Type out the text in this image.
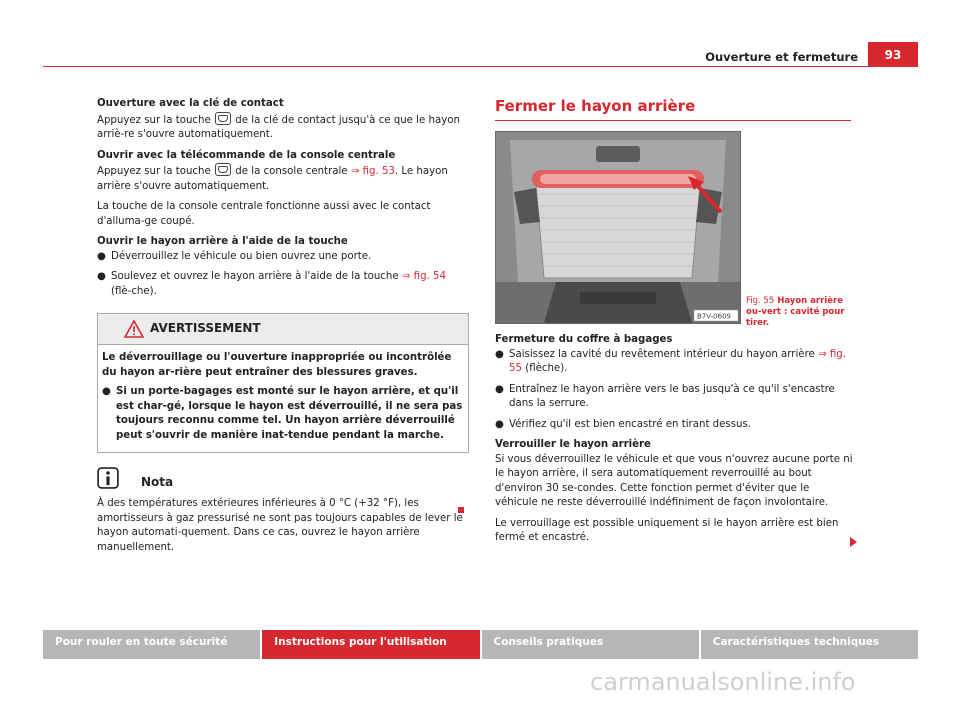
Ouverture et fermeture	93

Ouverture avec la clé de contact

Appuyez sur la touche de la clé de contact jusqu'à ce que le hayon arriè-re s'ouvre automatiquement.

Ouvrir avec la télécommande de la console centrale

Appuyez sur la touche de la console centrale ⇒ fig. 53. Le hayon arrière s'ouvre automatiquement.

La touche de la console centrale fonctionne aussi avec le contact d'alluma-ge coupé.

Ouvrir le hayon arrière à l'aide de la touche

● Déverrouillez le véhicule ou bien ouvrez une porte.

● Soulevez et ouvrez le hayon arrière à l'aide de la touche ⇒ fig. 54 (flè-che).

AVERTISSEMENT

Le déverrouillage ou l'ouverture inappropriée ou incontrôlée du hayon ar-rière peut entraîner des blessures graves.

● Si un porte-bagages est monté sur le hayon arrière, et qu'il est char-gé, lorsque le hayon est déverrouillé, il ne sera pas toujours reconnu comme tel. Un hayon arrière déverrouillé peut s'ouvrir de manière inat-tendue pendant la marche.

Nota

À des températures extérieures inférieures à 0 °C (+32 °F), les amortisseurs à gaz pressurisé ne sont pas toujours capables de lever le hayon automati-quement. Dans ce cas, ouvrez le hayon arrière manuellement.

Fermer le hayon arrière
B7V-0609
Fig. 55 Hayon arrière ou-vert : cavité pour tirer.

Fermeture du coffre à bagages

● Saisissez la cavité du revêtement intérieur du hayon arrière ⇒ fig. 55 (flèche).

● Entraînez le hayon arrière vers le bas jusqu'à ce qu'il s'encastre dans la serrure.

● Vérifiez qu'il est bien encastré en tirant dessus.

Verrouiller le hayon arrière

Si vous déverrouillez le véhicule et que vous n'ouvrez aucune porte ni le hayon arrière, il sera automatiquement reverrouillé au bout d'environ 30 se-condes. Cette fonction permet d'éviter que le véhicule ne reste déverrouillé indéfiniment de façon involontaire.

Le verrouillage est possible uniquement si le hayon arrière est bien fermé et encastré.

Pour rouler en toute sécurité	Instructions pour l'utilisation	Conseils pratiques	Caractéristiques techniques
carmanualsonline.info
